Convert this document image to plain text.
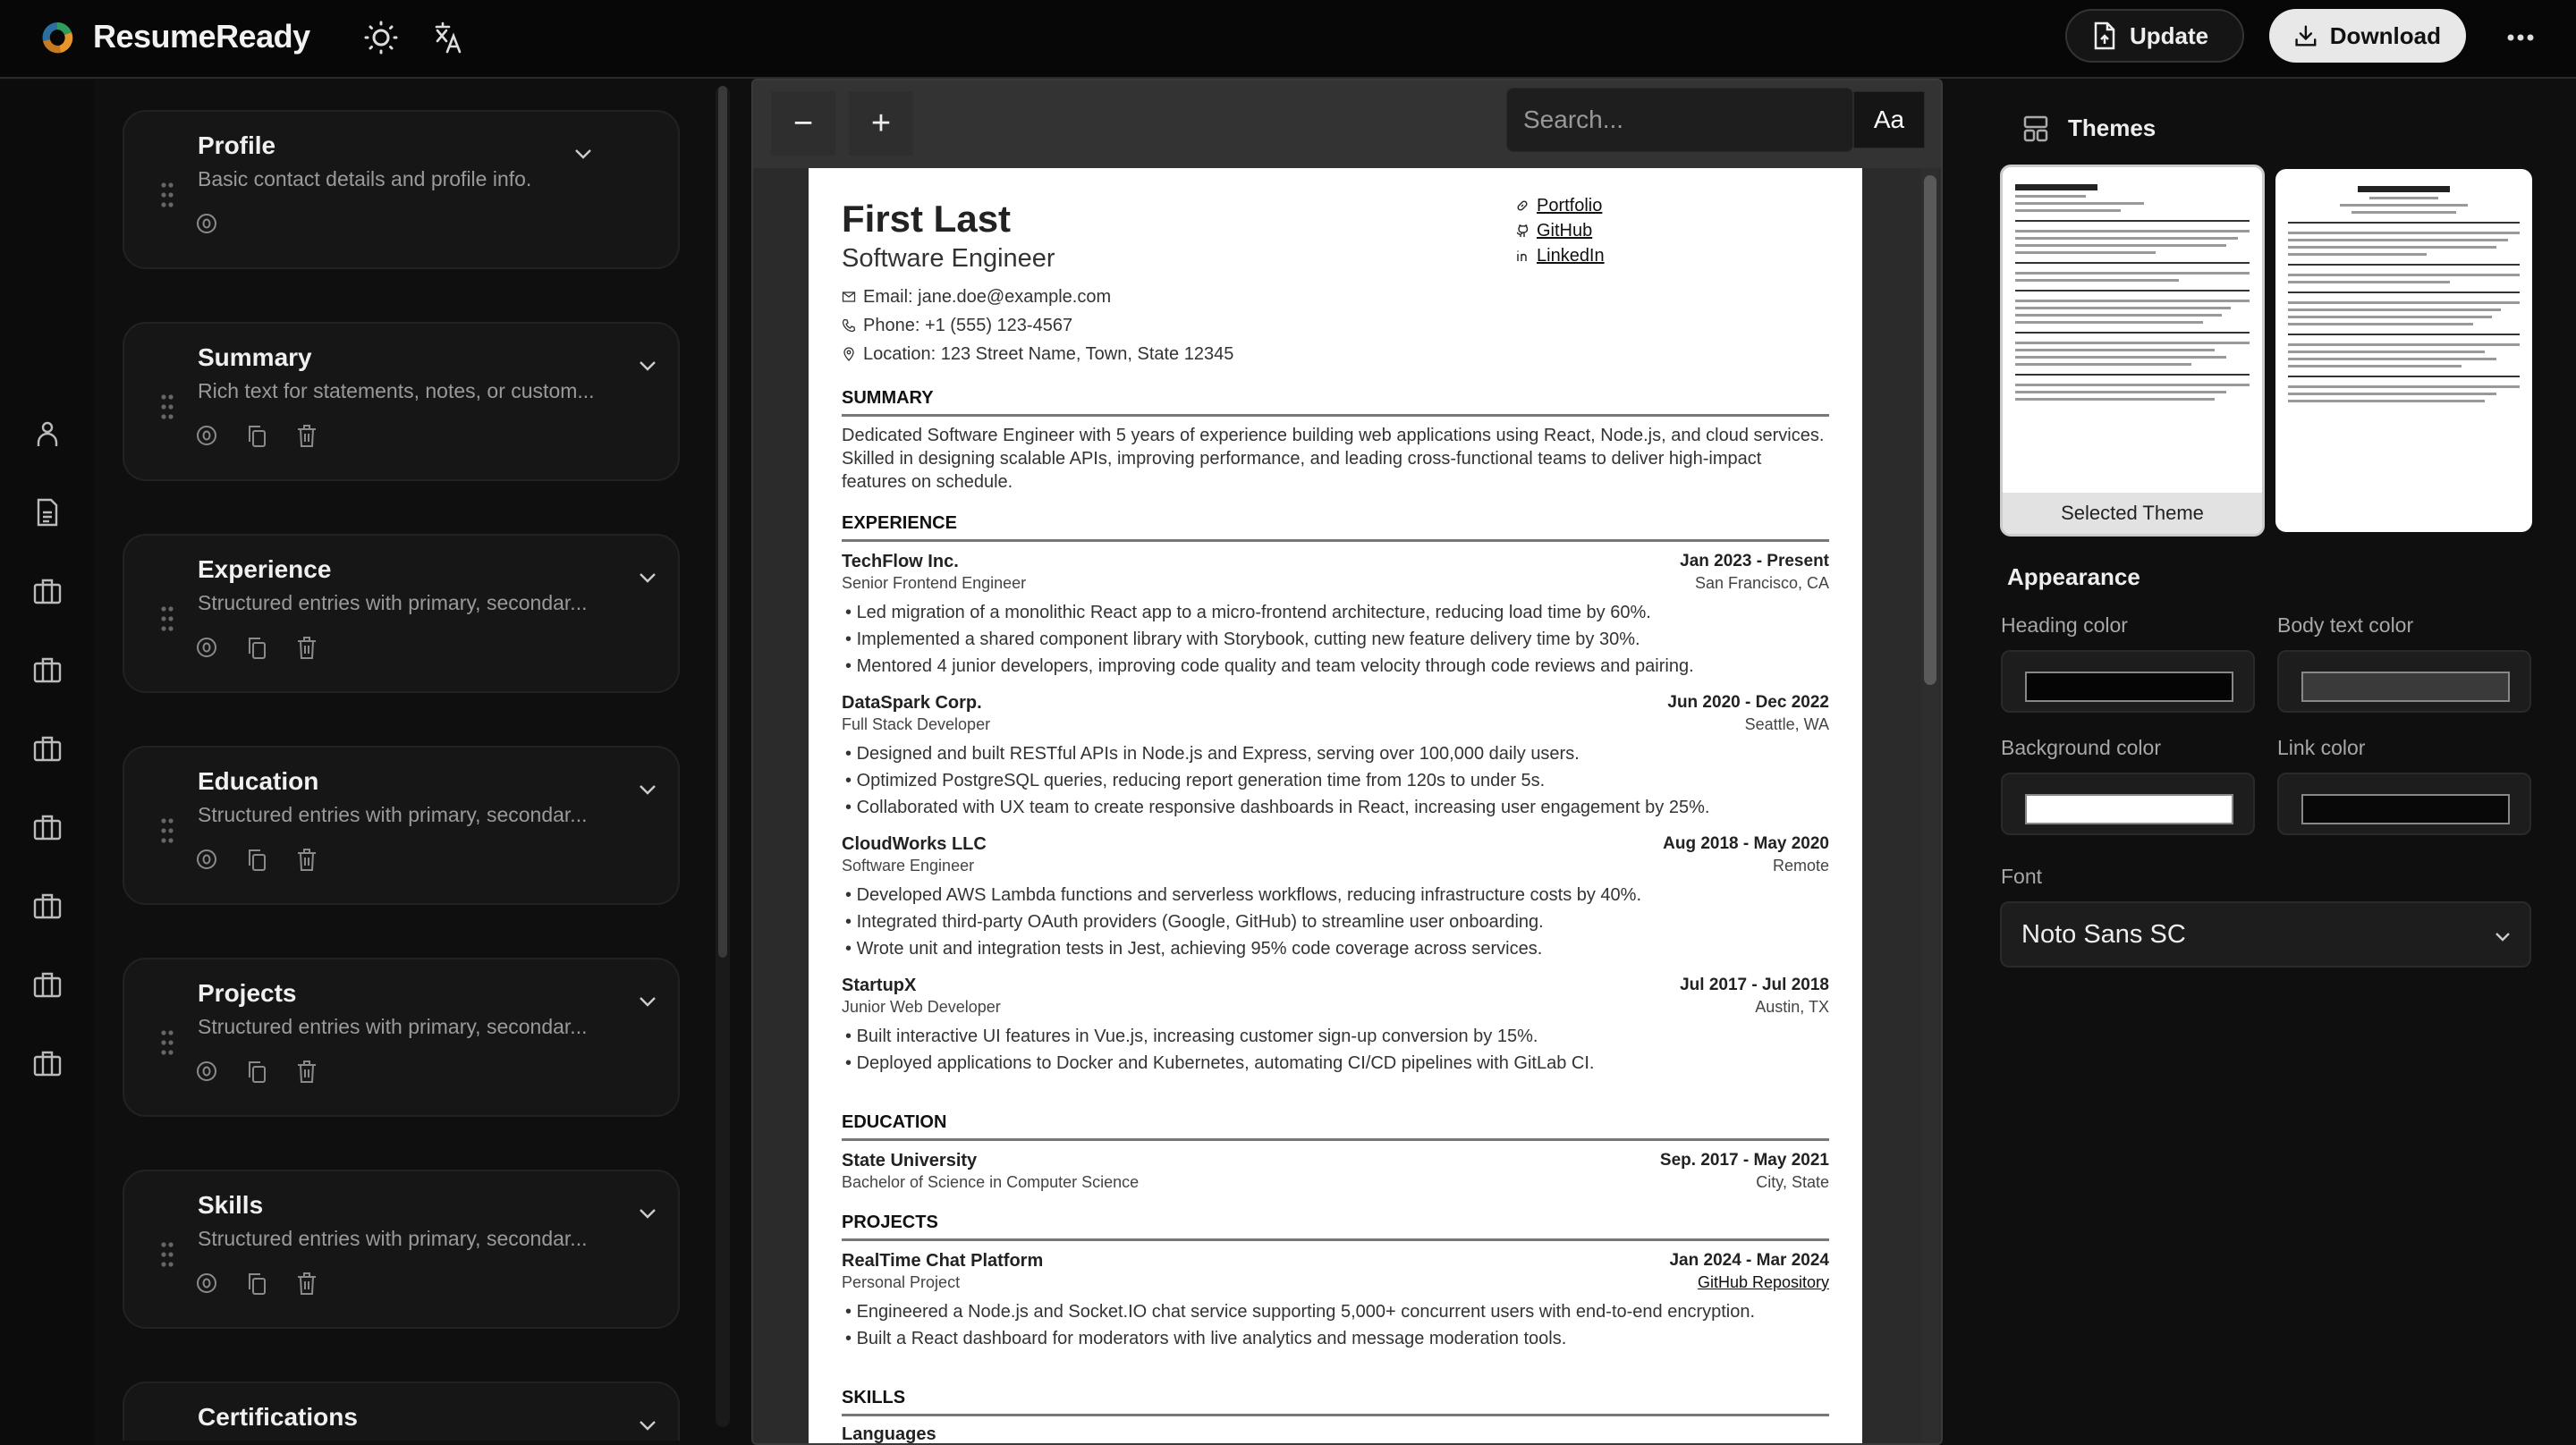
ResumeReady	Update	Download
Profile
Basic contact details and profile info.
Summary
Rich text for statements, notes, or custom...
Experience
Structured entries with primary, secondar...
Education
Structured entries with primary, secondar...
Projects
Structured entries with primary, secondar...
Skills
Structured entries with primary, secondar...
Certifications
−	+
Search...	Aa
First Last
Software Engineer
Email: jane.doe@example.com
Phone: +1 (555) 123-4567
Location: 123 Street Name, Town, State 12345
Portfolio
GitHub
LinkedIn
SUMMARY
Dedicated Software Engineer with 5 years of experience building web applications using React, Node.js, and cloud services. Skilled in designing scalable APIs, improving performance, and leading cross-functional teams to deliver high-impact features on schedule.
EXPERIENCE
TechFlow Inc.	Jan 2023 - Present
Senior Frontend Engineer	San Francisco, CA
• Led migration of a monolithic React app to a micro-frontend architecture, reducing load time by 60%.
• Implemented a shared component library with Storybook, cutting new feature delivery time by 30%.
• Mentored 4 junior developers, improving code quality and team velocity through code reviews and pairing.
DataSpark Corp.	Jun 2020 - Dec 2022
Full Stack Developer	Seattle, WA
• Designed and built RESTful APIs in Node.js and Express, serving over 100,000 daily users.
• Optimized PostgreSQL queries, reducing report generation time from 120s to under 5s.
• Collaborated with UX team to create responsive dashboards in React, increasing user engagement by 25%.
CloudWorks LLC	Aug 2018 - May 2020
Software Engineer	Remote
• Developed AWS Lambda functions and serverless workflows, reducing infrastructure costs by 40%.
• Integrated third-party OAuth providers (Google, GitHub) to streamline user onboarding.
• Wrote unit and integration tests in Jest, achieving 95% code coverage across services.
StartupX	Jul 2017 - Jul 2018
Junior Web Developer	Austin, TX
• Built interactive UI features in Vue.js, increasing customer sign-up conversion by 15%.
• Deployed applications to Docker and Kubernetes, automating CI/CD pipelines with GitLab CI.
EDUCATION
State University	Sep. 2017 - May 2021
Bachelor of Science in Computer Science	City, State
PROJECTS
RealTime Chat Platform	Jan 2024 - Mar 2024
Personal Project	GitHub Repository
• Engineered a Node.js and Socket.IO chat service supporting 5,000+ concurrent users with end-to-end encryption.
• Built a React dashboard for moderators with live analytics and message moderation tools.
SKILLS
Languages
Themes
Selected Theme
Appearance
Heading color	Body text color
Background color	Link color
Font
Noto Sans SC
